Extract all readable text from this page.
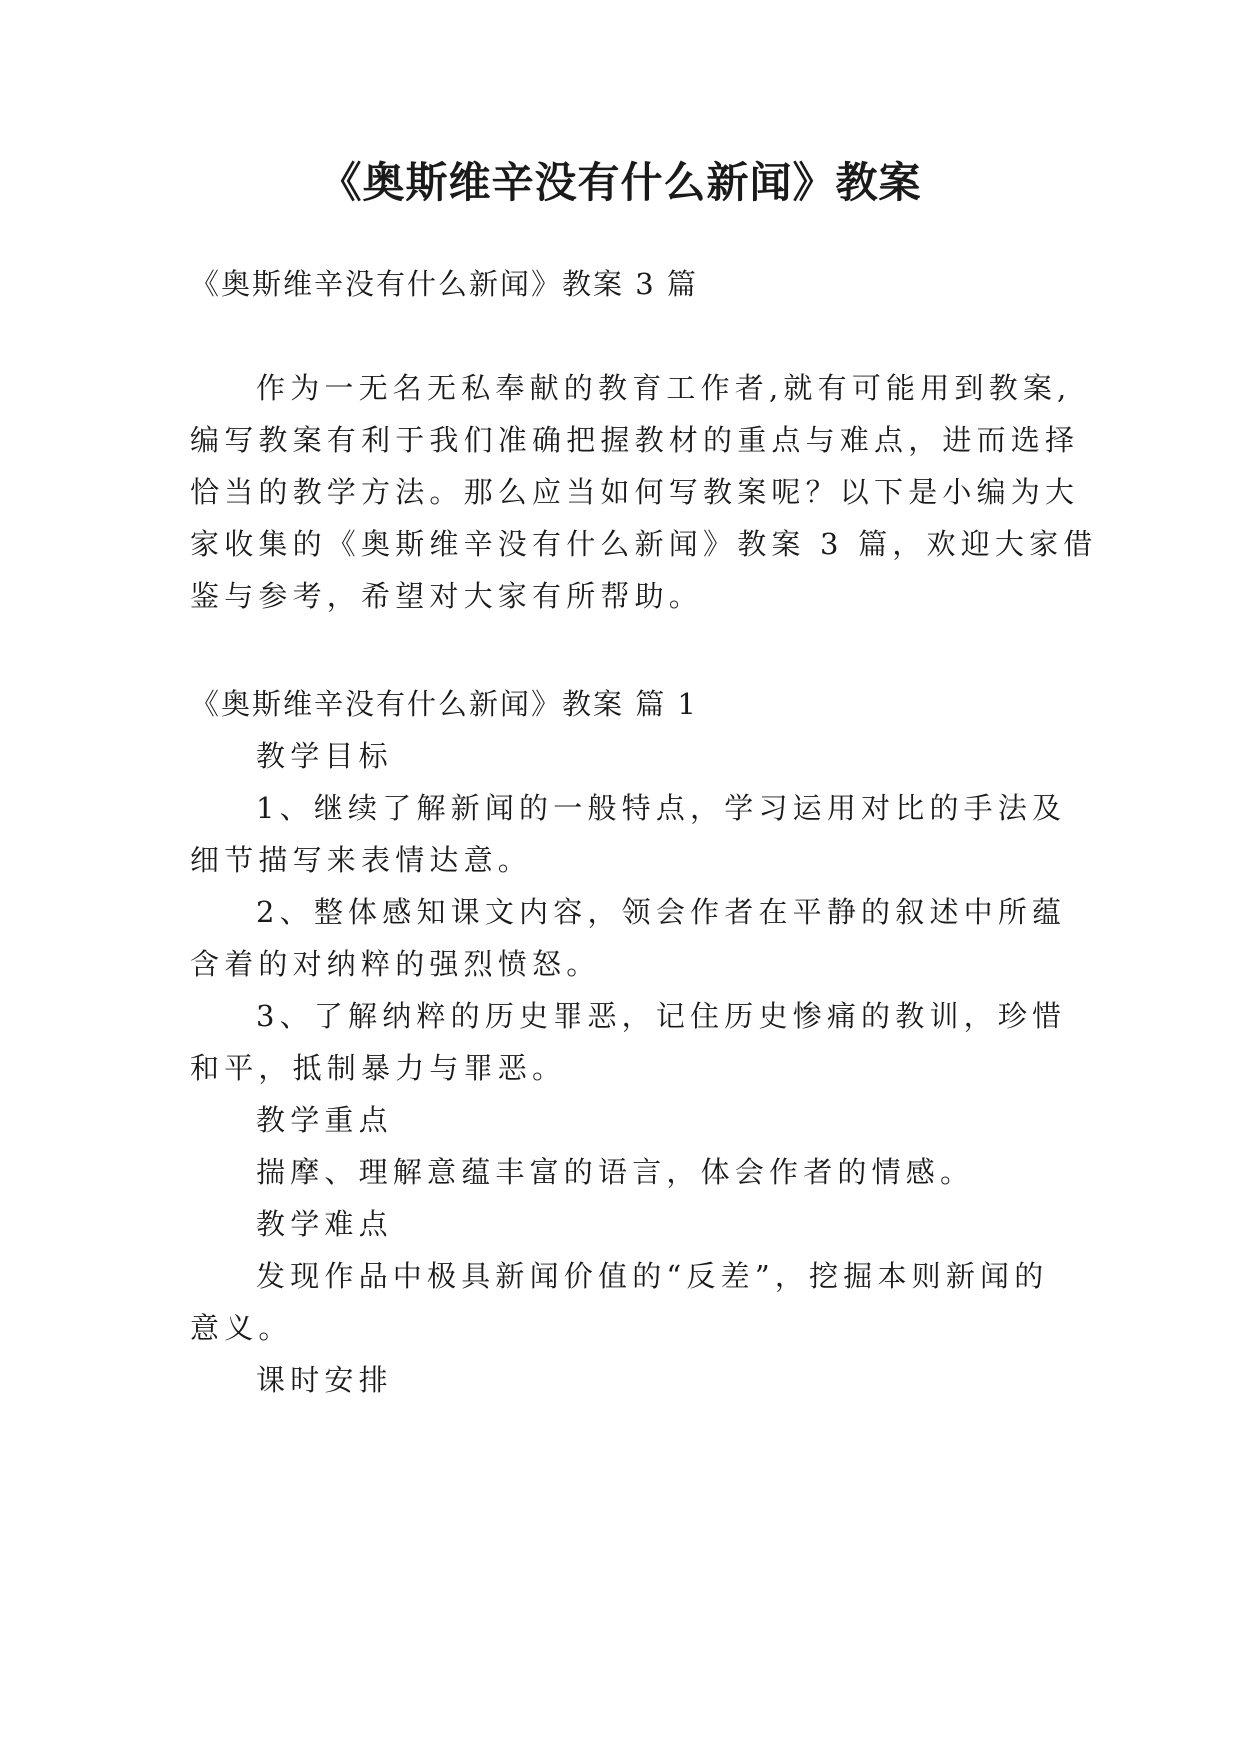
《奥斯维辛没有什么新闻》教案
《奥斯维辛没有什么新闻》教案 3 篇
作为一无名无私奉献的教育工作者,就有可能用到教案,
编写教案有利于我们准确把握教材的重点与难点，进而选择
恰当的教学方法。那么应当如何写教案呢？以下是小编为大
家收集的《奥斯维辛没有什么新闻》教案 3 篇，欢迎大家借
鉴与参考，希望对大家有所帮助。
《奥斯维辛没有什么新闻》教案 篇 1
教学目标
1、继续了解新闻的一般特点，学习运用对比的手法及
细节描写来表情达意。
2、整体感知课文内容，领会作者在平静的叙述中所蕴
含着的对纳粹的强烈愤怒。
3、了解纳粹的历史罪恶，记住历史惨痛的教训，珍惜
和平，抵制暴力与罪恶。
教学重点
揣摩、理解意蕴丰富的语言，体会作者的情感。
教学难点
发现作品中极具新闻价值的“反差”，挖掘本则新闻的
意义。
课时安排
